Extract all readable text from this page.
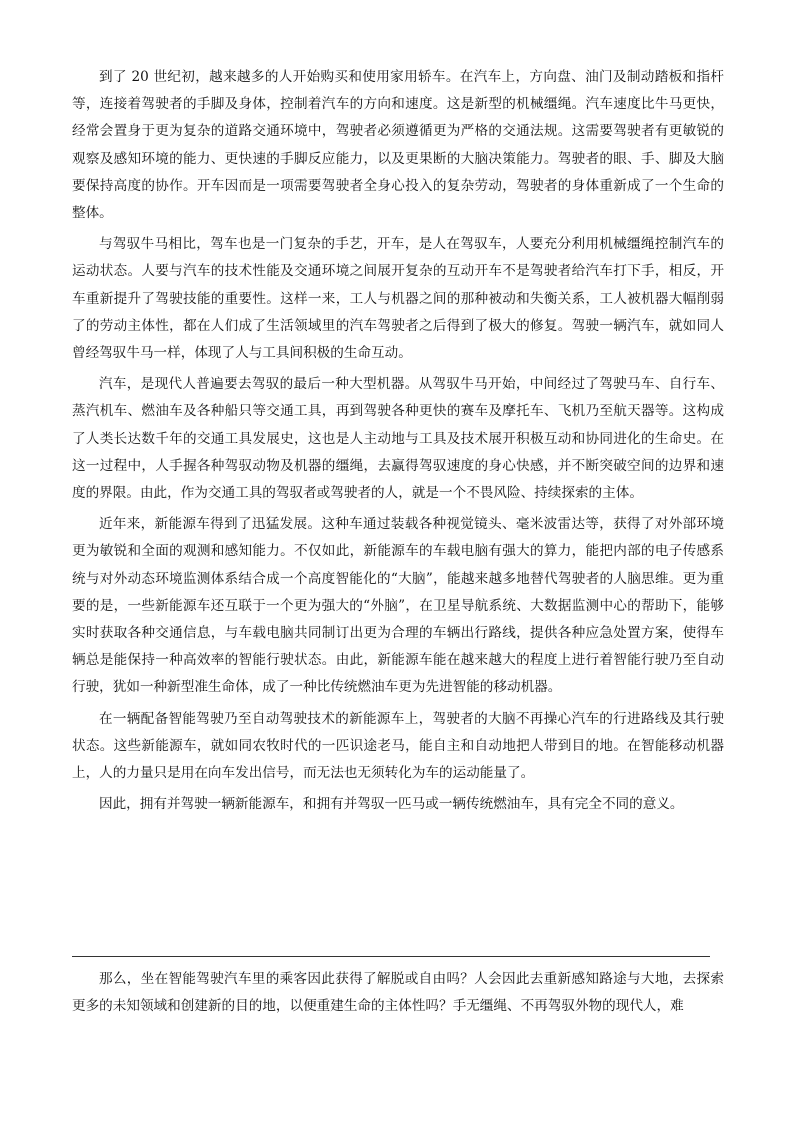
到了 20 世纪初，越来越多的人开始购买和使用家用轿车。在汽车上，方向盘、油门及制动踏板和指杆等，连接着驾驶者的手脚及身体，控制着汽车的方向和速度。这是新型的机械缰绳。汽车速度比牛马更快，经常会置身于更为复杂的道路交通环境中，驾驶者必须遵循更为严格的交通法规。这需要驾驶者有更敏锐的观察及感知环境的能力、更快速的手脚反应能力，以及更果断的大脑决策能力。驾驶者的眼、手、脚及大脑要保持高度的协作。开车因而是一项需要驾驶者全身心投入的复杂劳动，驾驶者的身体重新成了一个生命的整体。

与驾驭牛马相比，驾车也是一门复杂的手艺，开车，是人在驾驭车，人要充分利用机械缰绳控制汽车的运动状态。人要与汽车的技术性能及交通环境之间展开复杂的互动开车不是驾驶者给汽车打下手，相反，开车重新提升了驾驶技能的重要性。这样一来，工人与机器之间的那种被动和失衡关系，工人被机器大幅削弱了的劳动主体性，都在人们成了生活领域里的汽车驾驶者之后得到了极大的修复。驾驶一辆汽车，就如同人曾经驾驭牛马一样，体现了人与工具间积极的生命互动。

汽车，是现代人普遍要去驾驭的最后一种大型机器。从驾驭牛马开始，中间经过了驾驶马车、自行车、蒸汽机车、燃油车及各种船只等交通工具，再到驾驶各种更快的赛车及摩托车、飞机乃至航天器等。这构成了人类长达数千年的交通工具发展史，这也是人主动地与工具及技术展开积极互动和协同进化的生命史。在这一过程中，人手握各种驾驭动物及机器的缰绳，去赢得驾驭速度的身心快感，并不断突破空间的边界和速度的界限。由此，作为交通工具的驾驭者或驾驶者的人，就是一个不畏风险、持续探索的主体。

近年来，新能源车得到了迅猛发展。这种车通过装载各种视觉镜头、毫米波雷达等，获得了对外部环境更为敏锐和全面的观测和感知能力。不仅如此，新能源车的车载电脑有强大的算力，能把内部的电子传感系统与对外动态环境监测体系结合成一个高度智能化的“大脑”，能越来越多地替代驾驶者的人脑思维。更为重要的是，一些新能源车还互联于一个更为强大的“外脑”，在卫星导航系统、大数据监测中心的帮助下，能够实时获取各种交通信息，与车载电脑共同制订出更为合理的车辆出行路线，提供各种应急处置方案，使得车辆总是能保持一种高效率的智能行驶状态。由此，新能源车能在越来越大的程度上进行着智能行驶乃至自动行驶，犹如一种新型准生命体，成了一种比传统燃油车更为先进智能的移动机器。

在一辆配备智能驾驶乃至自动驾驶技术的新能源车上，驾驶者的大脑不再操心汽车的行进路线及其行驶状态。这些新能源车，就如同农牧时代的一匹识途老马，能自主和自动地把人带到目的地。在智能移动机器上，人的力量只是用在向车发出信号，而无法也无须转化为车的运动能量了。

因此，拥有并驾驶一辆新能源车，和拥有并驾驭一匹马或一辆传统燃油车，具有完全不同的意义。

那么，坐在智能驾驶汽车里的乘客因此获得了解脱或自由吗？人会因此去重新感知路途与大地，去探索更多的未知领域和创建新的目的地，以便重建生命的主体性吗？手无缰绳、不再驾驭外物的现代人，难
